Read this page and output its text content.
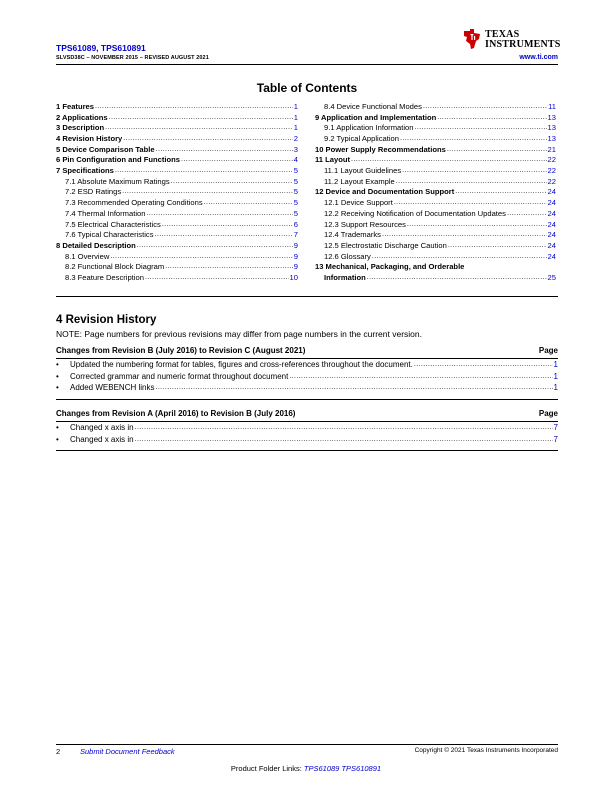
TPS61089, TPS610891
SLVSD38C – NOVEMBER 2015 – REVISED AUGUST 2021
TEXAS
INSTRUMENTS
www.ti.com
Table of Contents
1 Features .....	1
2 Applications .....	1
3 Description .....	1
4 Revision History .....	2
5 Device Comparison Table .....	3
6 Pin Configuration and Functions .....	4
7 Specifications .....	5
7.1 Absolute Maximum Ratings .....	5
7.2 ESD Ratings .....	5
7.3 Recommended Operating Conditions .....	5
7.4 Thermal Information .....	5
7.5 Electrical Characteristics .....	6
7.6 Typical Characteristics .....	7
8 Detailed Description .....	9
8.1 Overview .....	9
8.2 Functional Block Diagram .....	9
8.3 Feature Description .....	10
8.4 Device Functional Modes .....	11
9 Application and Implementation .....	13
9.1 Application Information .....	13
9.2 Typical Application .....	13
10 Power Supply Recommendations .....	21
11 Layout .....	22
11.1 Layout Guidelines .....	22
11.2 Layout Example .....	22
12 Device and Documentation Support .....	24
12.1 Device Support .....	24
12.2 Receiving Notification of Documentation Updates .....	24
12.3 Support Resources .....	24
12.4 Trademarks .....	24
12.5 Electrostatic Discharge Caution .....	24
12.6 Glossary .....	24
13 Mechanical, Packaging, and Orderable
Information .....	25
4 Revision History
NOTE: Page numbers for previous revisions may differ from page numbers in the current version.
Changes from Revision B (July 2016) to Revision C (August 2021)	Page
•	Updated the numbering format for tables, figures and cross-references throughout the document. .....	1
•	Corrected grammar and numeric format throughout document .....	1
•	Added WEBENCH links .....	1
Changes from Revision A (April 2016) to Revision B (July 2016)	Page
•	Changed x axis in .....	7
•	Changed x axis in .....	7
2	Submit Document Feedback	Copyright © 2021 Texas Instruments Incorporated
Product Folder Links: TPS61089 TPS610891
